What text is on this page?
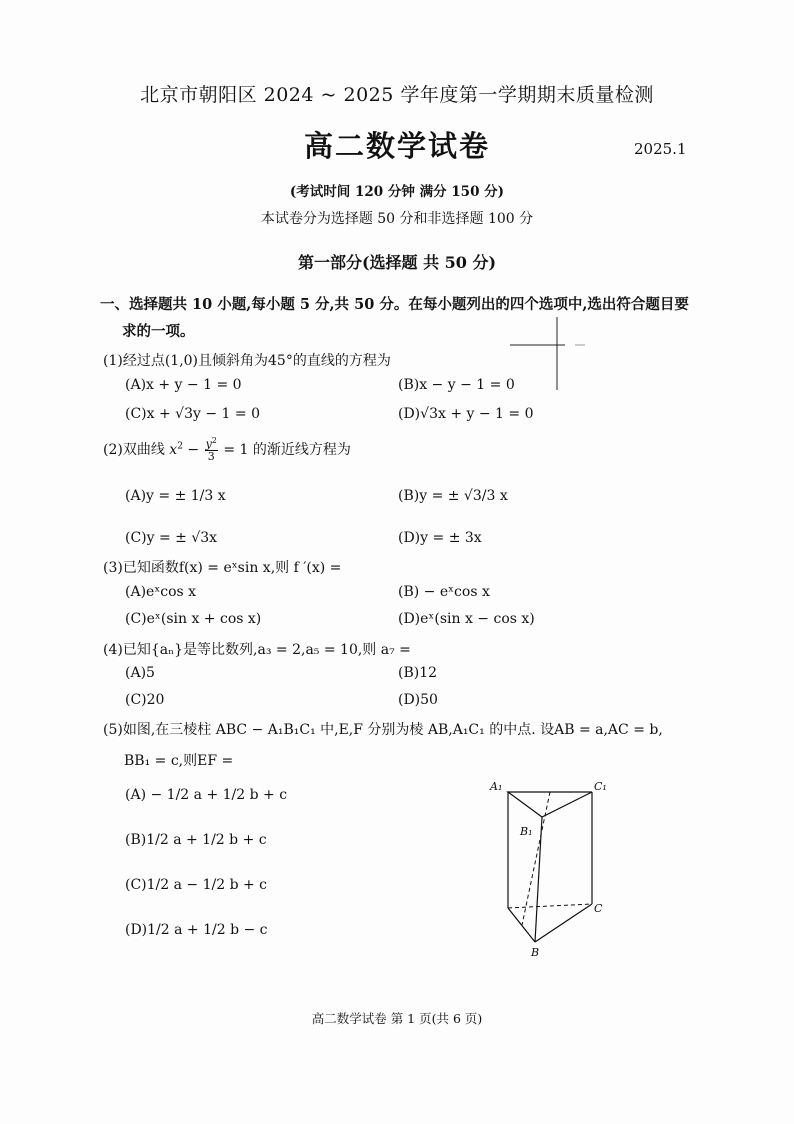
北京市朝阳区 2024 ~ 2025 学年度第一学期期末质量检测
高二数学试卷	2025.1
(考试时间 120 分钟 满分 150 分)
本试卷分为选择题 50 分和非选择题 100 分
第一部分(选择题 共 50 分)
一、选择题共 10 小题,每小题 5 分,共 50 分。在每小题列出的四个选项中,选出符合题目要
求的一项。
(1)经过点(1,0)且倾斜角为45°的直线的方程为
(A)x + y − 1 = 0	(B)x − y − 1 = 0
(C)x + √3y − 1 = 0	(D)√3x + y − 1 = 0
(2)双曲线 $x^2 - \frac{y^2}{3} = 1$ 的渐近线方程为
(A)y = ± 1/3 x	(B)y = ± √3/3 x
(C)y = ± √3x	(D)y = ± 3x
(3)已知函数f(x) = eˣsin x,则 f ′(x) =
(A)eˣcos x	(B) − eˣcos x
(C)eˣ(sin x + cos x)	(D)eˣ(sin x − cos x)
(4)已知{aₙ}是等比数列,a₃ = 2,a₅ = 10,则 a₇ =
(A)5	(B)12
(C)20	(D)50
(5)如图,在三棱柱 ABC − A₁B₁C₁ 中,E,F 分别为棱 AB,A₁C₁ 的中点. 设AB = a,AC = b,
BB₁ = c,则EF =
(A) − 1/2 a + 1/2 b + c
(B)1/2 a + 1/2 b + c
(C)1/2 a − 1/2 b + c
(D)1/2 a + 1/2 b − c
A₁	C₁
B₁
C
B
高二数学试卷 第 1 页(共 6 页)
